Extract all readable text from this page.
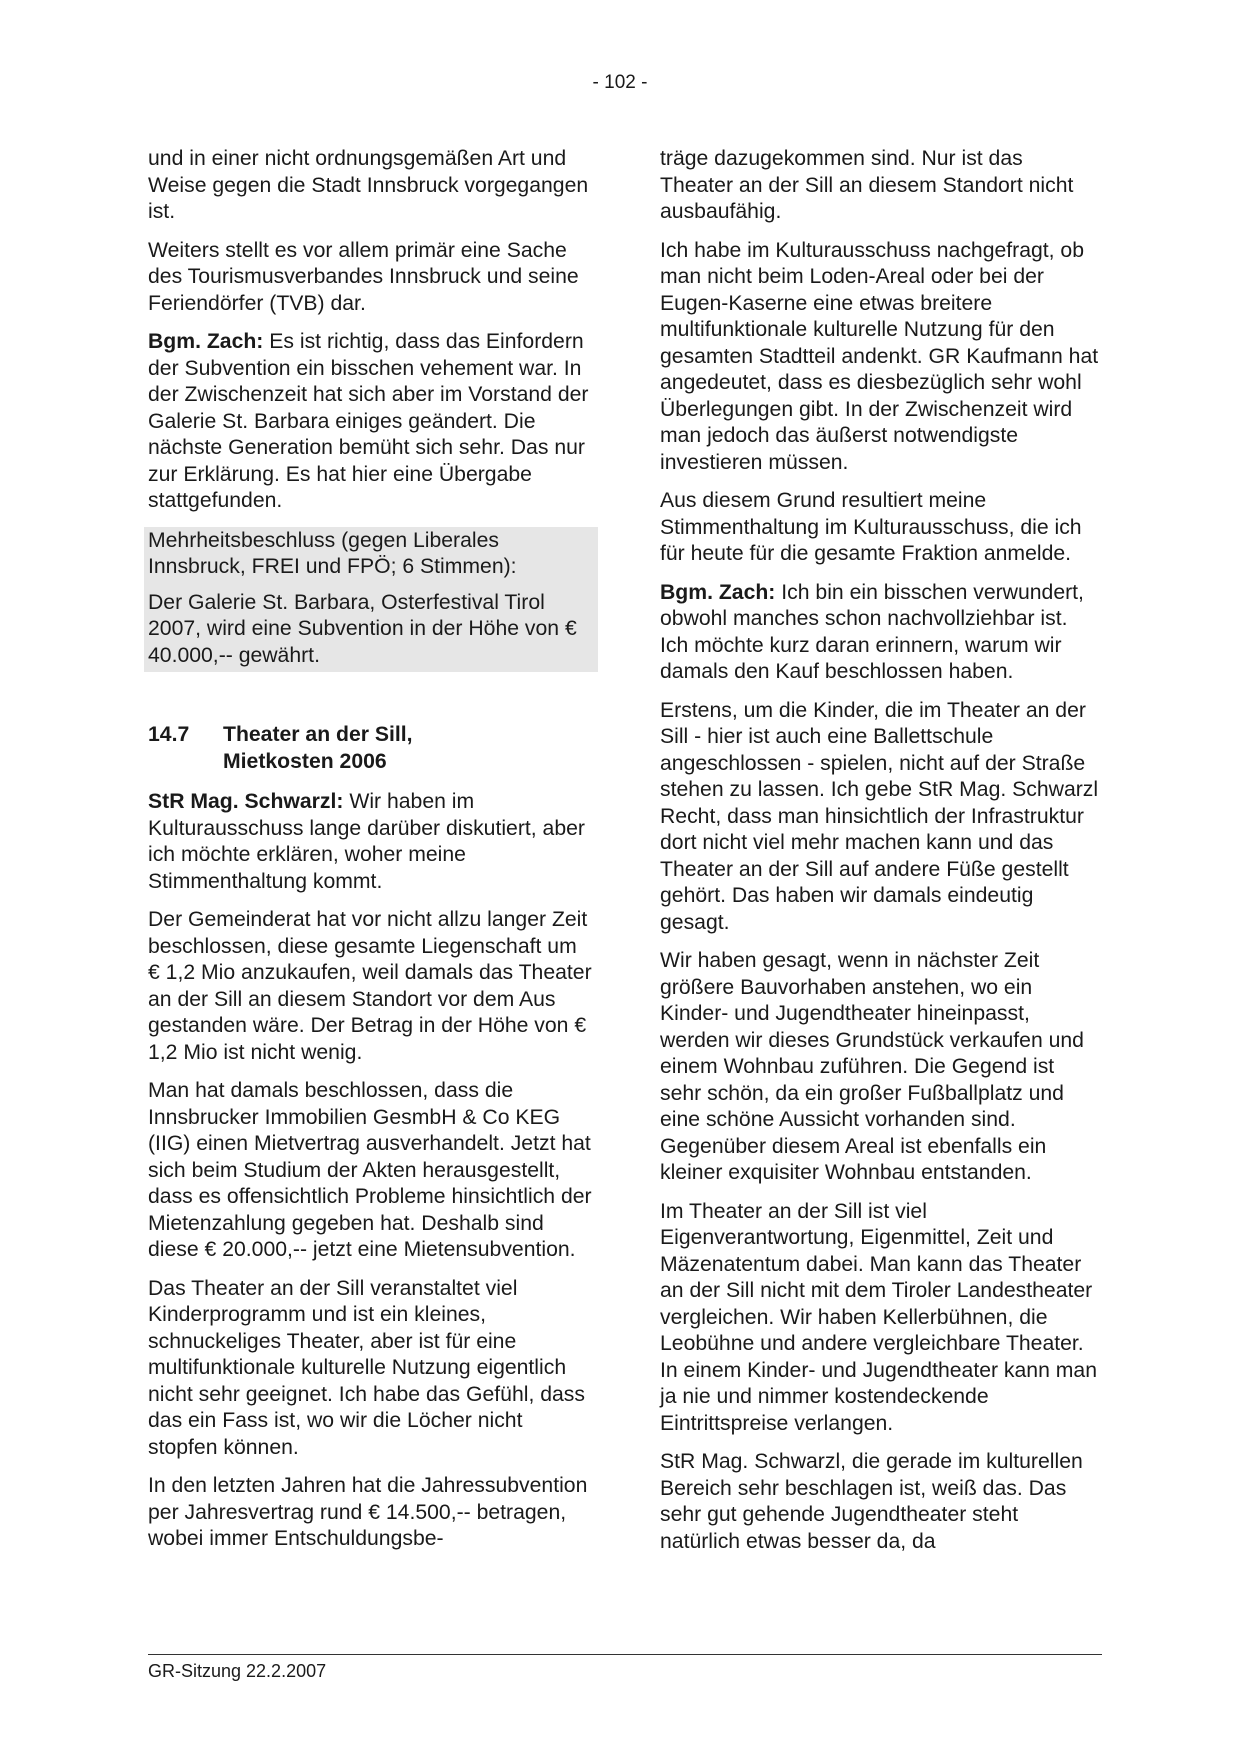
- 102 -

und in einer nicht ordnungsgemäßen Art und Weise gegen die Stadt Innsbruck vorgegangen ist.

Weiters stellt es vor allem primär eine Sache des Tourismusverbandes Innsbruck und seine Feriendörfer (TVB) dar.

Bgm. Zach: Es ist richtig, dass das Einfordern der Subvention ein bisschen vehement war. In der Zwischenzeit hat sich aber im Vorstand der Galerie St. Barbara einiges geändert. Die nächste Generation bemüht sich sehr. Das nur zur Erklärung. Es hat hier eine Übergabe stattgefunden.

Mehrheitsbeschluss (gegen Liberales Innsbruck, FREI und FPÖ; 6 Stimmen):

Der Galerie St. Barbara, Osterfestival Tirol 2007, wird eine Subvention in der Höhe von € 40.000,-- gewährt.

14.7	Theater an der Sill,
Mietkosten 2006

StR Mag. Schwarzl: Wir haben im Kulturausschuss lange darüber diskutiert, aber ich möchte erklären, woher meine Stimmenthaltung kommt.

Der Gemeinderat hat vor nicht allzu langer Zeit beschlossen, diese gesamte Liegenschaft um € 1,2 Mio anzukaufen, weil damals das Theater an der Sill an diesem Standort vor dem Aus gestanden wäre. Der Betrag in der Höhe von € 1,2 Mio ist nicht wenig.

Man hat damals beschlossen, dass die Innsbrucker Immobilien GesmbH & Co KEG (IIG) einen Mietvertrag ausverhandelt. Jetzt hat sich beim Studium der Akten herausgestellt, dass es offensichtlich Probleme hinsichtlich der Mietenzahlung gegeben hat. Deshalb sind diese € 20.000,-- jetzt eine Mietensubvention.

Das Theater an der Sill veranstaltet viel Kinderprogramm und ist ein kleines, schnuckeliges Theater, aber ist für eine multifunktionale kulturelle Nutzung eigentlich nicht sehr geeignet. Ich habe das Gefühl, dass das ein Fass ist, wo wir die Löcher nicht stopfen können.

In den letzten Jahren hat die Jahressubvention per Jahresvertrag rund € 14.500,-- betragen, wobei immer Entschuldungsbe-

träge dazugekommen sind. Nur ist das Theater an der Sill an diesem Standort nicht ausbaufähig.

Ich habe im Kulturausschuss nachgefragt, ob man nicht beim Loden-Areal oder bei der Eugen-Kaserne eine etwas breitere multifunktionale kulturelle Nutzung für den gesamten Stadtteil andenkt. GR Kaufmann hat angedeutet, dass es diesbezüglich sehr wohl Überlegungen gibt. In der Zwischenzeit wird man jedoch das äußerst notwendigste investieren müssen.

Aus diesem Grund resultiert meine Stimmenthaltung im Kulturausschuss, die ich für heute für die gesamte Fraktion anmelde.

Bgm. Zach: Ich bin ein bisschen verwundert, obwohl manches schon nachvollziehbar ist. Ich möchte kurz daran erinnern, warum wir damals den Kauf beschlossen haben.

Erstens, um die Kinder, die im Theater an der Sill - hier ist auch eine Ballettschule angeschlossen - spielen, nicht auf der Straße stehen zu lassen. Ich gebe StR Mag. Schwarzl Recht, dass man hinsichtlich der Infrastruktur dort nicht viel mehr machen kann und das Theater an der Sill auf andere Füße gestellt gehört. Das haben wir damals eindeutig gesagt.

Wir haben gesagt, wenn in nächster Zeit größere Bauvorhaben anstehen, wo ein Kinder- und Jugendtheater hineinpasst, werden wir dieses Grundstück verkaufen und einem Wohnbau zuführen. Die Gegend ist sehr schön, da ein großer Fußballplatz und eine schöne Aussicht vorhanden sind. Gegenüber diesem Areal ist ebenfalls ein kleiner exquisiter Wohnbau entstanden.

Im Theater an der Sill ist viel Eigenverantwortung, Eigenmittel, Zeit und Mäzenatentum dabei. Man kann das Theater an der Sill nicht mit dem Tiroler Landestheater vergleichen. Wir haben Kellerbühnen, die Leobühne und andere vergleichbare Theater. In einem Kinder- und Jugendtheater kann man ja nie und nimmer kostendeckende Eintrittspreise verlangen.

StR Mag. Schwarzl, die gerade im kulturellen Bereich sehr beschlagen ist, weiß das. Das sehr gut gehende Jugendtheater steht natürlich etwas besser da, da

GR-Sitzung 22.2.2007
